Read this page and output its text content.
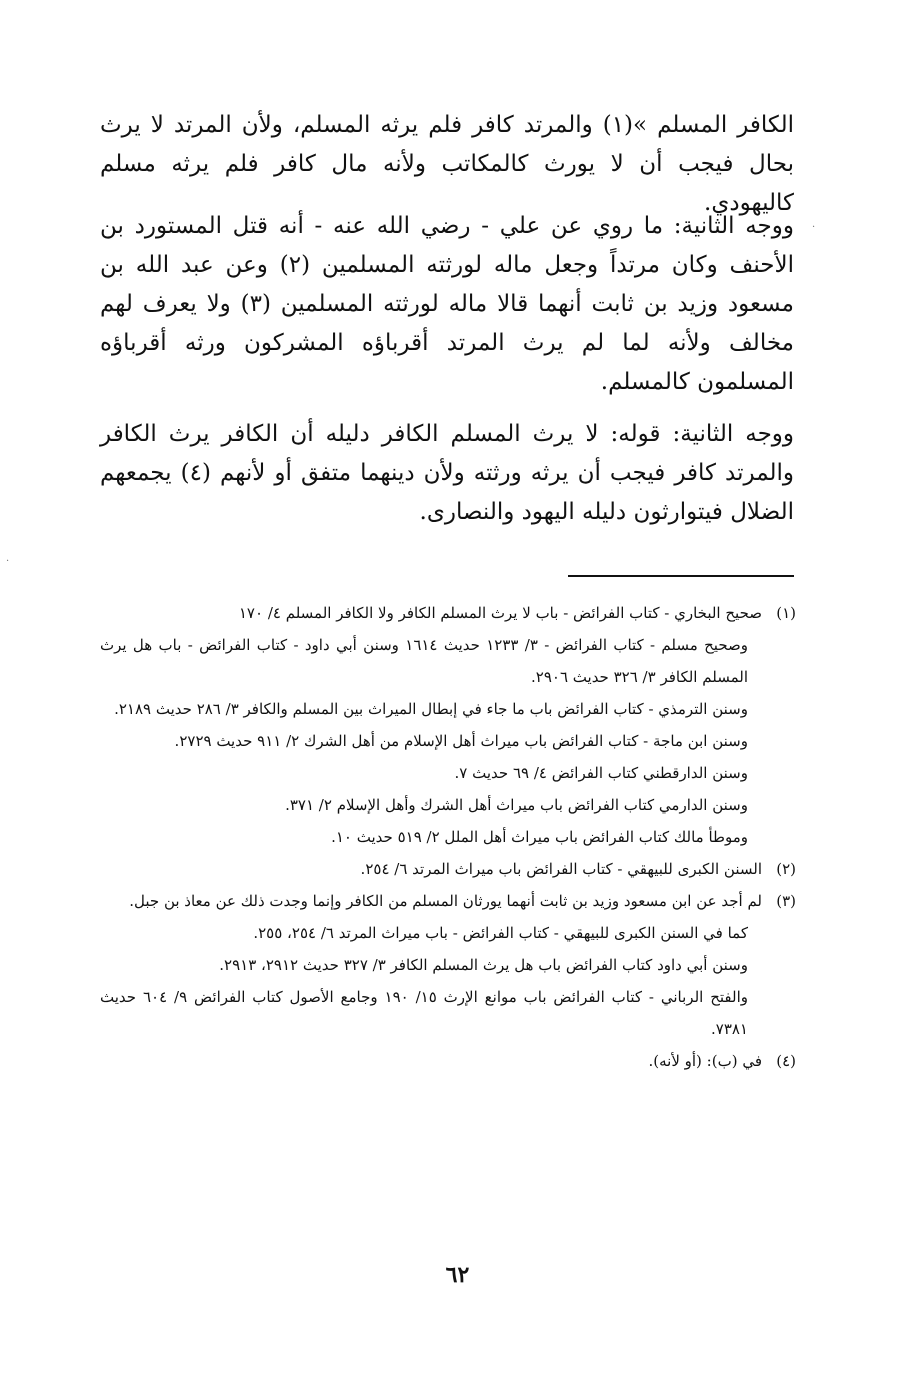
الكافر المسلم »(١) والمرتد كافر فلم يرثه المسلم، ولأن المرتد لا يرث بحال فيجب أن لا يورث كالمكاتب ولأنه مال كافر فلم يرثه مسلم كاليهودي.

ووجه الثانية: ما روي عن علي - رضي الله عنه - أنه قتل المستورد بن الأحنف وكان مرتداً وجعل ماله لورثته المسلمين (٢) وعن عبد الله بن مسعود وزيد بن ثابت أنهما قالا ماله لورثته المسلمين (٣) ولا يعرف لهم مخالف ولأنه لما لم يرث المرتد أقرباؤه المشركون ورثه أقرباؤه المسلمون كالمسلم.

ووجه الثانية: قوله: لا يرث المسلم الكافر دليله أن الكافر يرث الكافر والمرتد كافر فيجب أن يرثه ورثته ولأن دينهما متفق أو لأنهم (٤) يجمعهم الضلال فيتوارثون دليله اليهود والنصارى.

(١)

صحيح البخاري - كتاب الفرائض - باب لا يرث المسلم الكافر ولا الكافر المسلم ٤/ ١٧٠

وصحيح مسلم - كتاب الفرائض - ٣/ ١٢٣٣ حديث ١٦١٤ وسنن أبي داود - كتاب الفرائض - باب هل يرث المسلم الكافر ٣/ ٣٢٦ حديث ٢٩٠٦.

وسنن الترمذي - كتاب الفرائض باب ما جاء في إبطال الميراث بين المسلم والكافر ٣/ ٢٨٦ حديث ٢١٨٩.

وسنن ابن ماجة - كتاب الفرائض باب ميراث أهل الإسلام من أهل الشرك ٢/ ٩١١ حديث ٢٧٢٩.

وسنن الدارقطني كتاب الفرائض ٤/ ٦٩ حديث ٧.

وسنن الدارمي كتاب الفرائض باب ميراث أهل الشرك وأهل الإسلام ٢/ ٣٧١.

وموطأ مالك كتاب الفرائض باب ميراث أهل الملل ٢/ ٥١٩ حديث ١٠.

(٢)

السنن الكبرى للبيهقي - كتاب الفرائض باب ميراث المرتد ٦/ ٢٥٤.

(٣)

لم أجد عن ابن مسعود وزيد بن ثابت أنهما يورثان المسلم من الكافر وإنما وجدت ذلك عن معاذ بن جبل.

كما في السنن الكبرى للبيهقي - كتاب الفرائض - باب ميراث المرتد ٦/ ٢٥٤، ٢٥٥.

وسنن أبي داود كتاب الفرائض باب هل يرث المسلم الكافر ٣/ ٣٢٧ حديث ٢٩١٢، ٢٩١٣.

والفتح الرباني - كتاب الفرائض باب موانع الإرث ١٥/ ١٩٠ وجامع الأصول كتاب الفرائض ٩/ ٦٠٤ حديث ٧٣٨١.

(٤)

في (ب): (أو لأنه).

٦٢
·
·
